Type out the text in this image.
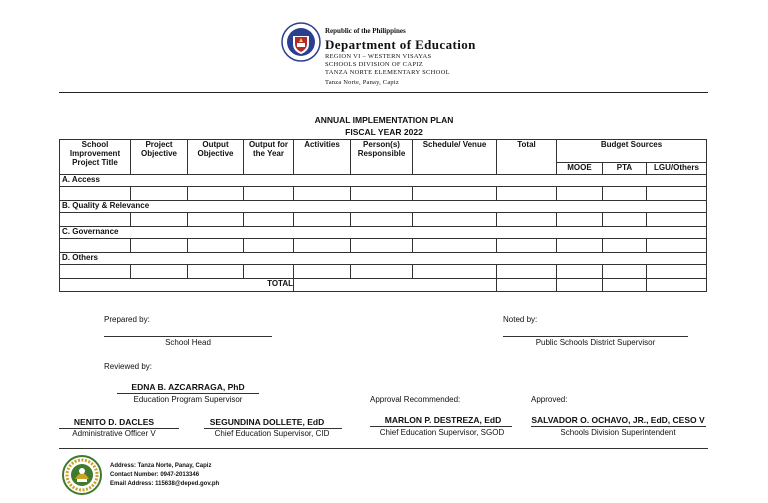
Republic of the Philippines
Department of Education
REGION VI – WESTERN VISAYAS
SCHOOLS DIVISION OF CAPIZ
TANZA NORTE ELEMENTARY SCHOOL
Tanza Norte, Panay, Capiz
ANNUAL IMPLEMENTATION PLAN
FISCAL YEAR 2022
School Improvement Project Title	Project Objective	Output Objective	Output for the Year	Activities	Person(s) Responsible	Schedule/ Venue	Total	Budget Sources		
								MOOE	PTA	LGU/Others
A. Access										

B. Quality & Relevance										

C. Governance										

D. Others										

TOTAL										
Prepared by:
School Head
Noted by:
Public Schools District Supervisor
Reviewed by:
EDNA B. AZCARRAGA, PhD
Education Program Supervisor	Approval Recommended:	Approved:
NENITO D. DACLES
Administrative Officer V
SEGUNDINA DOLLETE, EdD
Chief Education Supervisor, CID
MARLON P. DESTREZA, EdD
Chief Education Supervisor, SGOD
SALVADOR O. OCHAVO, JR., EdD, CESO V
Schools Division Superintendent
Address: Tanza Norte, Panay, Capiz
Contact Number: 0947-2013346
Email Address: 115638@deped.gov.ph
